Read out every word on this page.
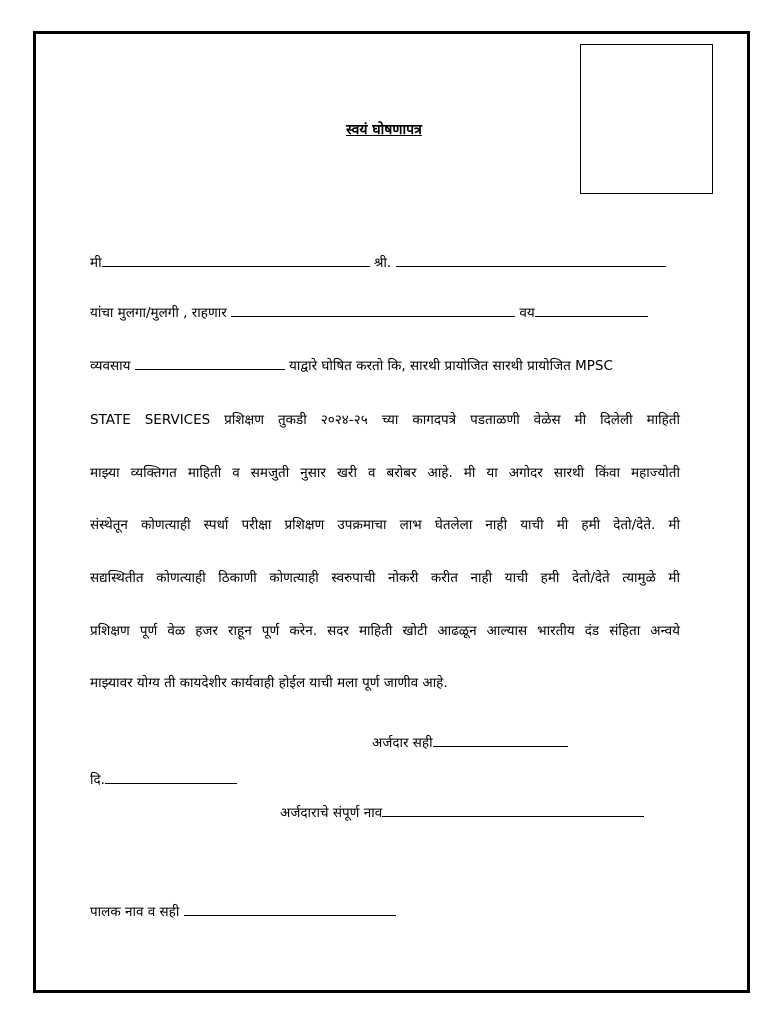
स्वयं घोषणापत्र
मी	श्री.
यांचा मुलगा/मुलगी , राहणार	वय
व्यवसाय	याद्वारे घोषित करतो कि, सारथी प्रायोजित सारथी प्रायोजित MPSC
STATE SERVICES प्रशिक्षण तुकडी २०२४-२५ च्या कागदपत्रे पडताळणी वेळेस मी दिलेली माहिती
माझ्या व्यक्तिगत माहिती व समजुती नुसार खरी व बरोबर आहे. मी या अगोदर सारथी किंवा महाज्योती
संस्थेतून कोणत्याही स्पर्धा परीक्षा प्रशिक्षण उपक्रमाचा लाभ घेतलेला नाही याची मी हमी देतो/देते. मी
सद्यस्थितीत कोणत्याही ठिकाणी कोणत्याही स्वरुपाची नोकरी करीत नाही याची हमी देतो/देते त्यामुळे मी
प्रशिक्षण पूर्ण वेळ हजर राहून पूर्ण करेन. सदर माहिती खोटी आढळून आल्यास भारतीय दंड संहिता अन्वये
माझ्यावर योग्य ती कायदेशीर कार्यवाही होईल याची मला पूर्ण जाणीव आहे.
अर्जदार सही
दि.
अर्जदाराचे संपूर्ण नाव
पालक नाव व सही
